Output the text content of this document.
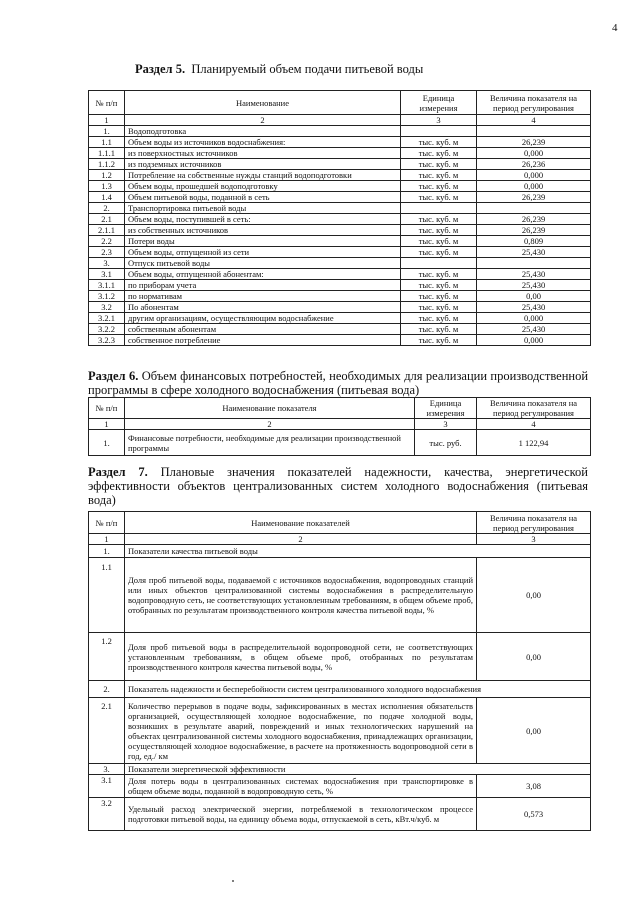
4
Раздел 5. Планируемый объем подачи питьевой воды
№ п/п	Наименование	Единица измерения	Величина показателя на период регулирования
1	2	3	4
1.	Водоподготовка		
1.1	Объем воды из источников водоснабжения:	тыс. куб. м	26,239
1.1.1	из поверхностных источников	тыс. куб. м	0,000
1.1.2	из подземных источников	тыс. куб. м	26,236
1.2	Потребление на собственные нужды станций водоподготовки	тыс. куб. м	0,000
1.3	Объем воды, прошедшей водоподготовку	тыс. куб. м	0,000
1.4	Объем питьевой воды, поданной в сеть	тыс. куб. м	26,239
2.	Транспортировка питьевой воды		
2.1	Объем воды, поступившей в сеть:	тыс. куб. м	26,239
2.1.1	из собственных источников	тыс. куб. м	26,239
2.2	Потери воды	тыс. куб. м	0,809
2.3	Объем воды, отпущенной из сети	тыс. куб. м	25,430
3.	Отпуск питьевой воды		
3.1	Объем воды, отпущенной абонентам:	тыс. куб. м	25,430
3.1.1	по приборам учета	тыс. куб. м	25,430
3.1.2	по нормативам	тыс. куб. м	0,00
3.2	По абонентам	тыс. куб. м	25,430
3.2.1	другим организациям, осуществляющим водоснабжение	тыс. куб. м	0,000
3.2.2	собственным абонентам	тыс. куб. м	25,430
3.2.3	собственное потребление	тыс. куб. м	0,000
Раздел 6. Объем финансовых потребностей, необходимых для реализации производственной программы в сфере холодного водоснабжения (питьевая вода)
№ п/п	Наименование показателя	Единица измерения	Величина показателя на период регулирования
1	2	3	4
1.	Финансовые потребности, необходимые для реализации производственной программы	тыс. руб.	1 122,94
Раздел 7. Плановые значения показателей надежности, качества, энергетической эффективности объектов централизованных систем холодного водоснабжения (питьевая вода)
№ п/п	Наименование показателей	Величина показателя на период регулирования
1	2	3
1.	Показатели качества питьевой воды	
1.1	Доля проб питьевой воды, подаваемой с источников водоснабжения, водопроводных станций или иных объектов централизованной системы водоснабжения в распределительную водопроводную сеть, не соответствующих установленным требованиям, в общем объеме проб, отобранных по результатам производственного контроля качества питьевой воды, %	0,00
1.2	Доля проб питьевой воды в распределительной водопроводной сети, не соответствующих установленным требованиям, в общем объеме проб, отобранных по результатам производственного контроля качества питьевой воды, %	0,00
2.	Показатель надежности и бесперебойности систем централизованного холодного водоснабжения	
2.1	Количество перерывов в подаче воды, зафиксированных в местах исполнения обязательств организацией, осуществляющей холодное водоснабжение, по подаче холодной воды, возникших в результате аварий, повреждений и иных технологических нарушений на объектах централизованной системы холодного водоснабжения, принадлежащих организации, осуществляющей холодное водоснабжение, в расчете на протяженность водопроводной сети в год, ед./ км	0,00
3.	Показатели энергетической эффективности	
3.1	Доля потерь воды в централизованных системах водоснабжения при транспортировке в общем объеме воды, поданной в водопроводную сеть, %	3,08
3.2	Удельный расход электрической энергии, потребляемой в технологическом процессе подготовки питьевой воды, на единицу объема воды, отпускаемой в сеть, кВт.ч/куб. м	0,573
